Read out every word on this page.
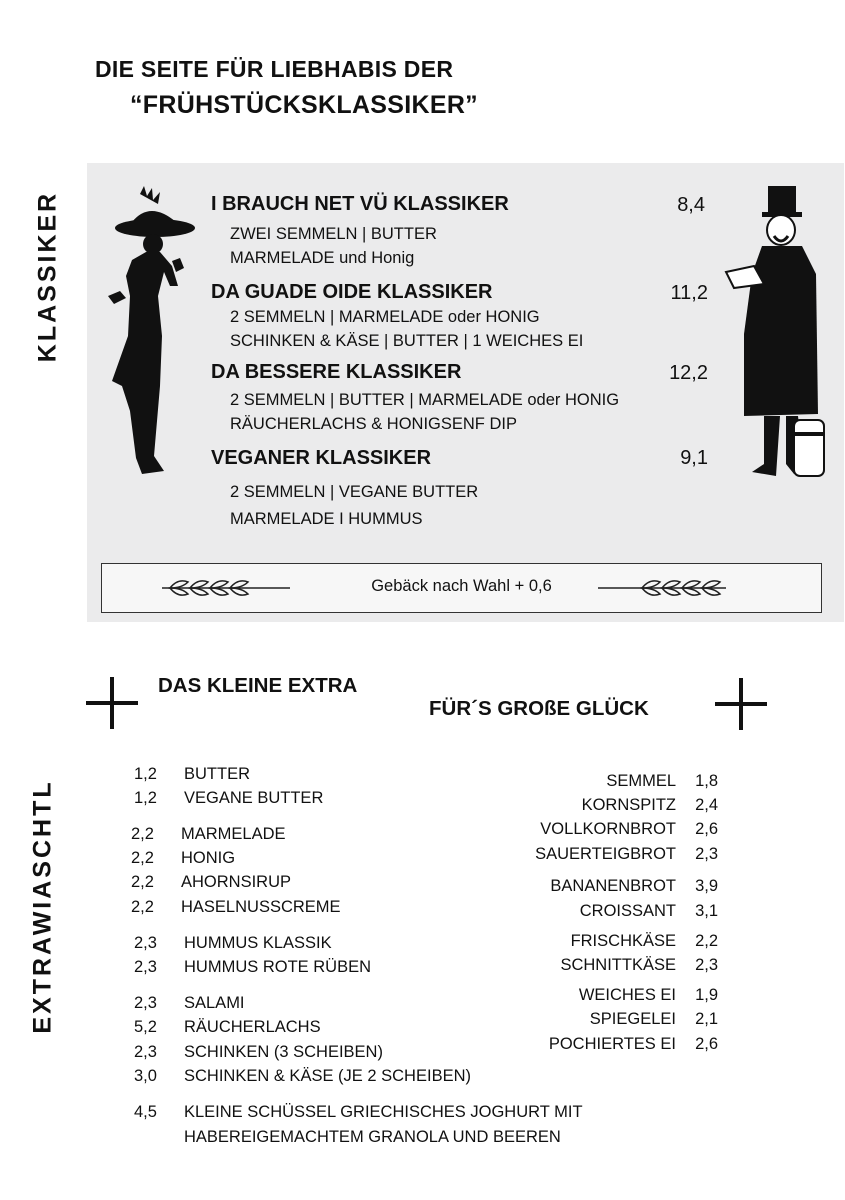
DIE SEITE FÜR LIEBHABIS DER
“FRÜHSTÜCKSKLASSIKER”
KLASSIKER	I BRAUCH NET VÜ KLASSIKER	8,4
ZWEI SEMMELN | BUTTER
MARMELADE und Honig
DA GUADE OIDE KLASSIKER	11,2
2 SEMMELN | MARMELADE oder HONIG
SCHINKEN & KÄSE | BUTTER | 1 WEICHES EI
DA BESSERE KLASSIKER	12,2
2 SEMMELN | BUTTER | MARMELADE oder HONIG
RÄUCHERLACHS & HONIGSENF DIP
VEGANER KLASSIKER	9,1
2 SEMMELN | VEGANE BUTTER
MARMELADE I HUMMUS
Gebäck nach Wahl + 0,6
DAS KLEINE EXTRA
FÜR´S GROßE GLÜCK
EXTRAWIASCHTL
1,2 BUTTER
1,2 VEGANE BUTTER
2,2 MARMELADE
2,2 HONIG
2,2 AHORNSIRUP
2,2 HASELNUSSCREME
2,3 HUMMUS KLASSIK
2,3 HUMMUS ROTE RÜBEN
2,3 SALAMI
5,2 RÄUCHERLACHS
2,3 SCHINKEN (3 SCHEIBEN)
3,0 SCHINKEN & KÄSE (JE 2 SCHEIBEN)
4,5 KLEINE SCHÜSSEL GRIECHISCHES JOGHURT MIT
HABEREIGEMACHTEM GRANOLA UND BEEREN
SEMMEL 1,8
KORNSPITZ 2,4
VOLLKORNBROT 2,6
SAUERTEIGBROT 2,3
BANANENBROT 3,9
CROISSANT 3,1
FRISCHKÄSE 2,2
SCHNITTKÄSE 2,3
WEICHES EI 1,9
SPIEGELEI 2,1
POCHIERTES EI 2,6
